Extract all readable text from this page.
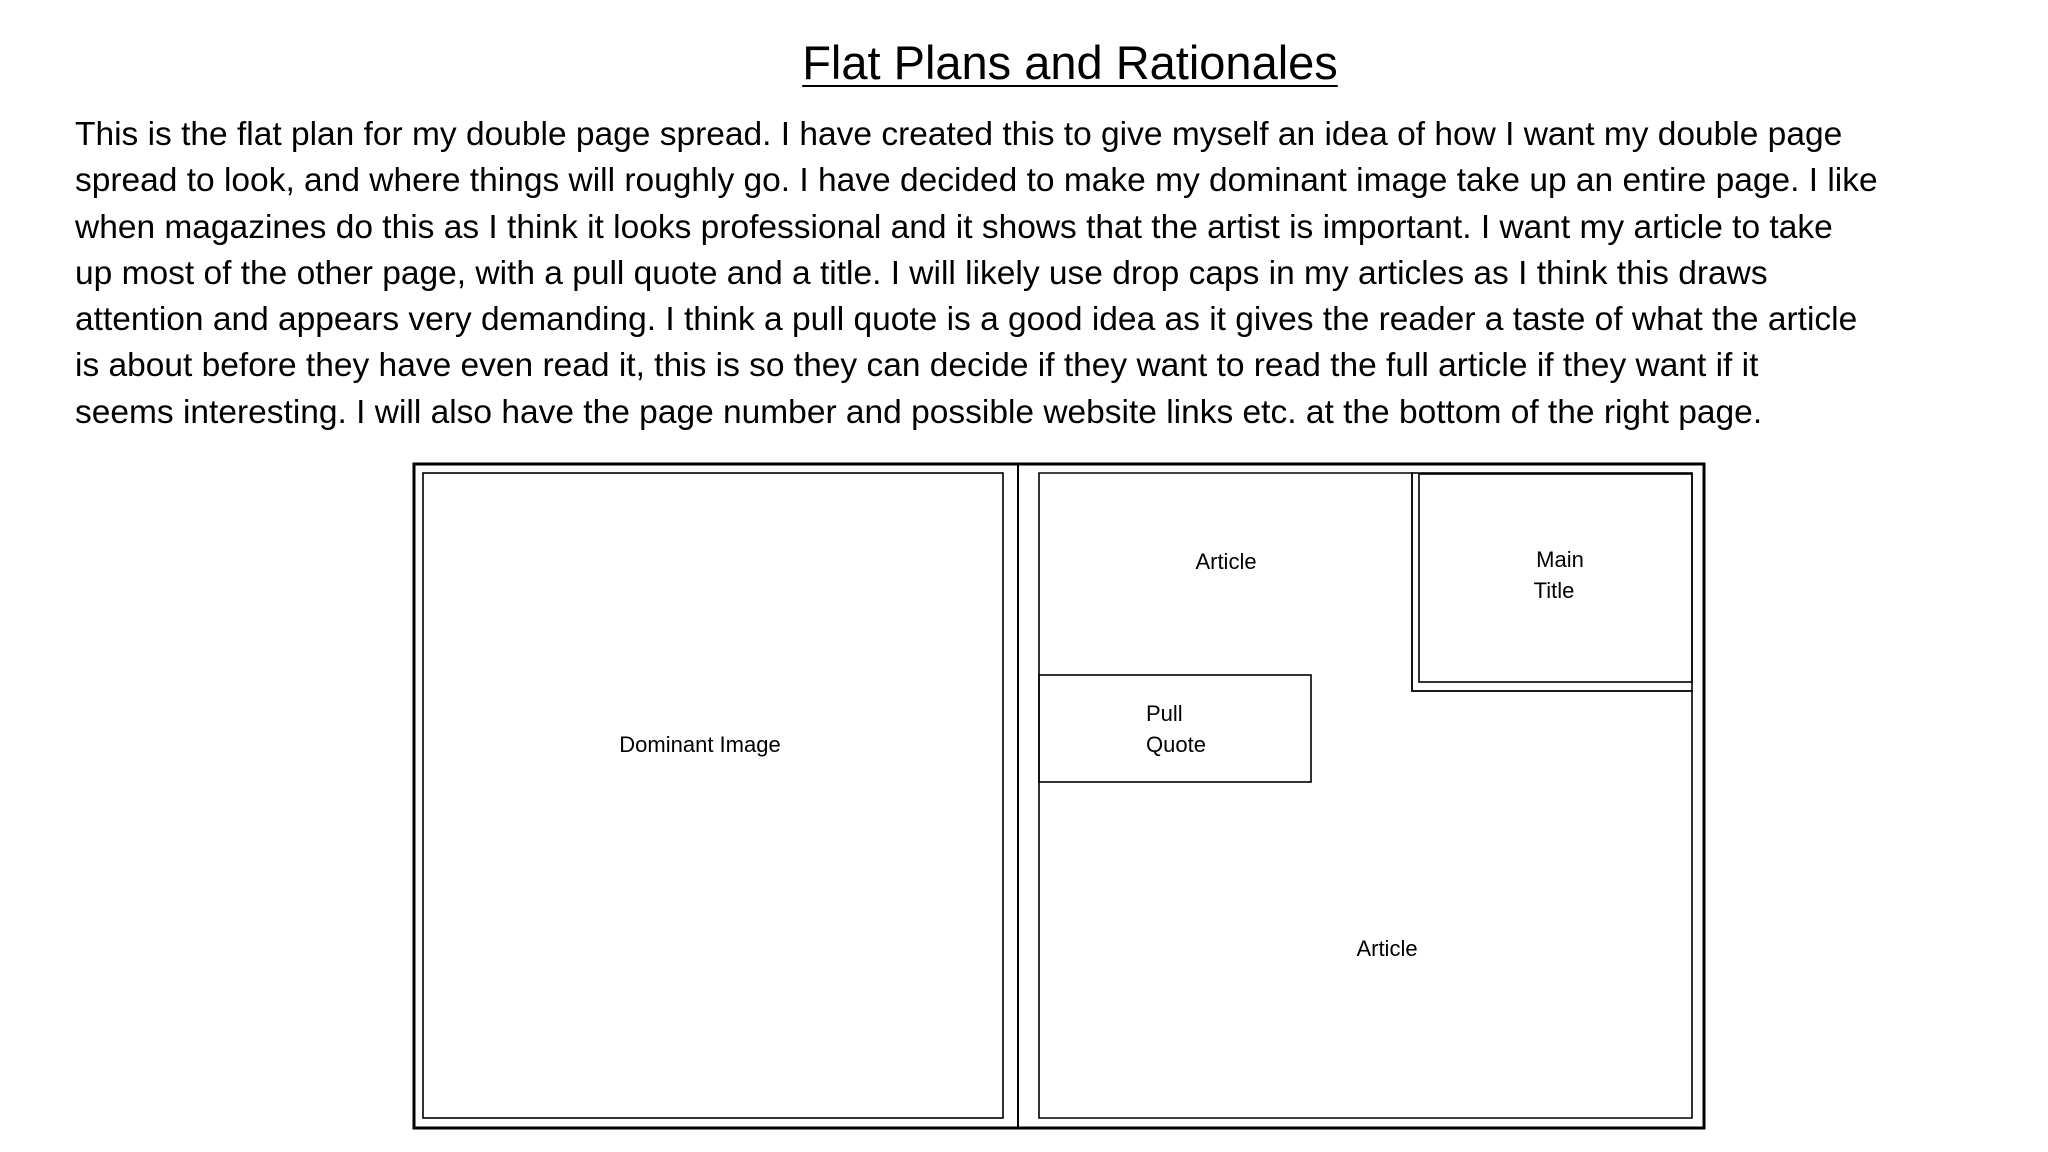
Flat Plans and Rationales

This is the flat plan for my double page spread. I have created this to give myself an idea of how I want my double page
spread to look, and where things will roughly go. I have decided to make my dominant image take up an entire page. I like
when magazines do this as I think it looks professional and it shows that the artist is important. I want my article to take
up most of the other page, with a pull quote and a title. I will likely use drop caps in my articles as I think this draws
attention and appears very demanding. I think a pull quote is a good idea as it gives the reader a taste of what the article
is about before they have even read it, this is so they can decide if they want to read the full article if they want if it
seems interesting. I will also have the page number and possible website links etc. at the bottom of the right page.

Dominant Image
Article	Main
Title
Pull
Quote
Article
